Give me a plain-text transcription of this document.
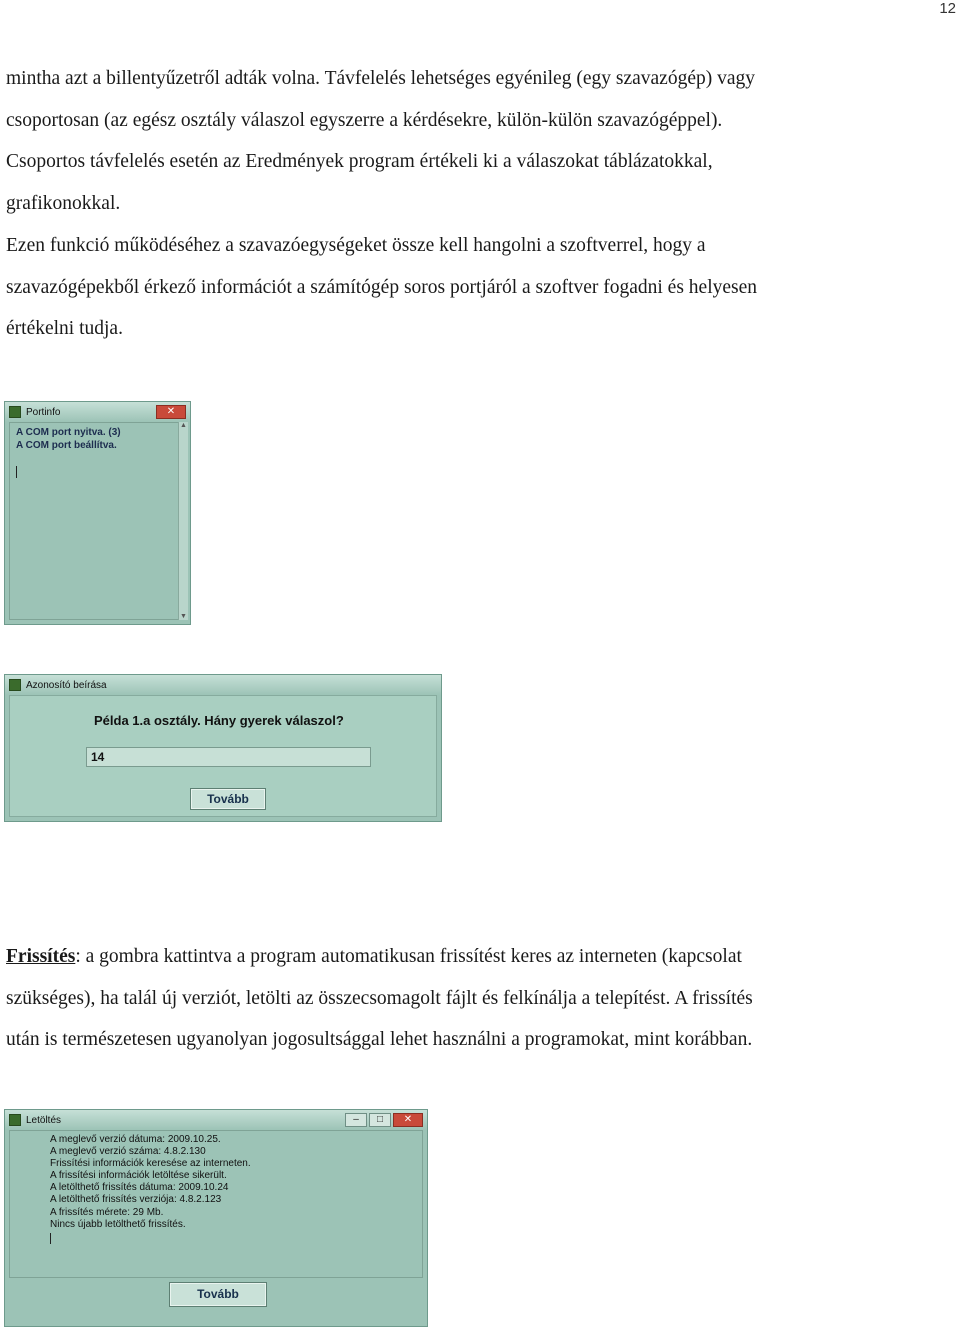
12

mintha azt a billentyűzetről adták volna. Távfelelés lehetséges egyénileg (egy szavazógép) vagy
csoportosan (az egész osztály válaszol egyszerre a kérdésekre, külön-külön szavazógéppel).
Csoportos távfelelés esetén az Eredmények program értékeli ki a válaszokat táblázatokkal,
grafikonokkal.
Ezen funkció működéséhez a szavazóegységeket össze kell hangolni a szoftverrel, hogy a
szavazógépekből érkező információt a számítógép soros portjáról a szoftver fogadni és helyesen
értékelni tudja.

Portinfo	✕
A COM port nyitva. (3)
A COM port beállítva.
▲
▼
Azonosító beírása
Példa 1.a osztály. Hány gyerek válaszol?
14
Tovább

Frissítés: a gombra kattintva a program automatikusan frissítést keres az interneten (kapcsolat
szükséges), ha talál új verziót, letölti az összecsomagolt fájlt és felkínálja a telepítést. A frissítés
után is természetesen ugyanolyan jogosultsággal lehet használni a programokat, mint korábban.

Letöltés	–	□	✕
A meglevő verzió dátuma: 2009.10.25.
A meglevő verzió száma: 4.8.2.130
Frissítési információk keresése az interneten.
A frissítési információk letöltése sikerült.
A letölthető frissítés dátuma: 2009.10.24
A letölthető frissítés verziója: 4.8.2.123
A frissítés mérete: 29 Mb.
Nincs újabb letölthető frissítés.
Tovább
